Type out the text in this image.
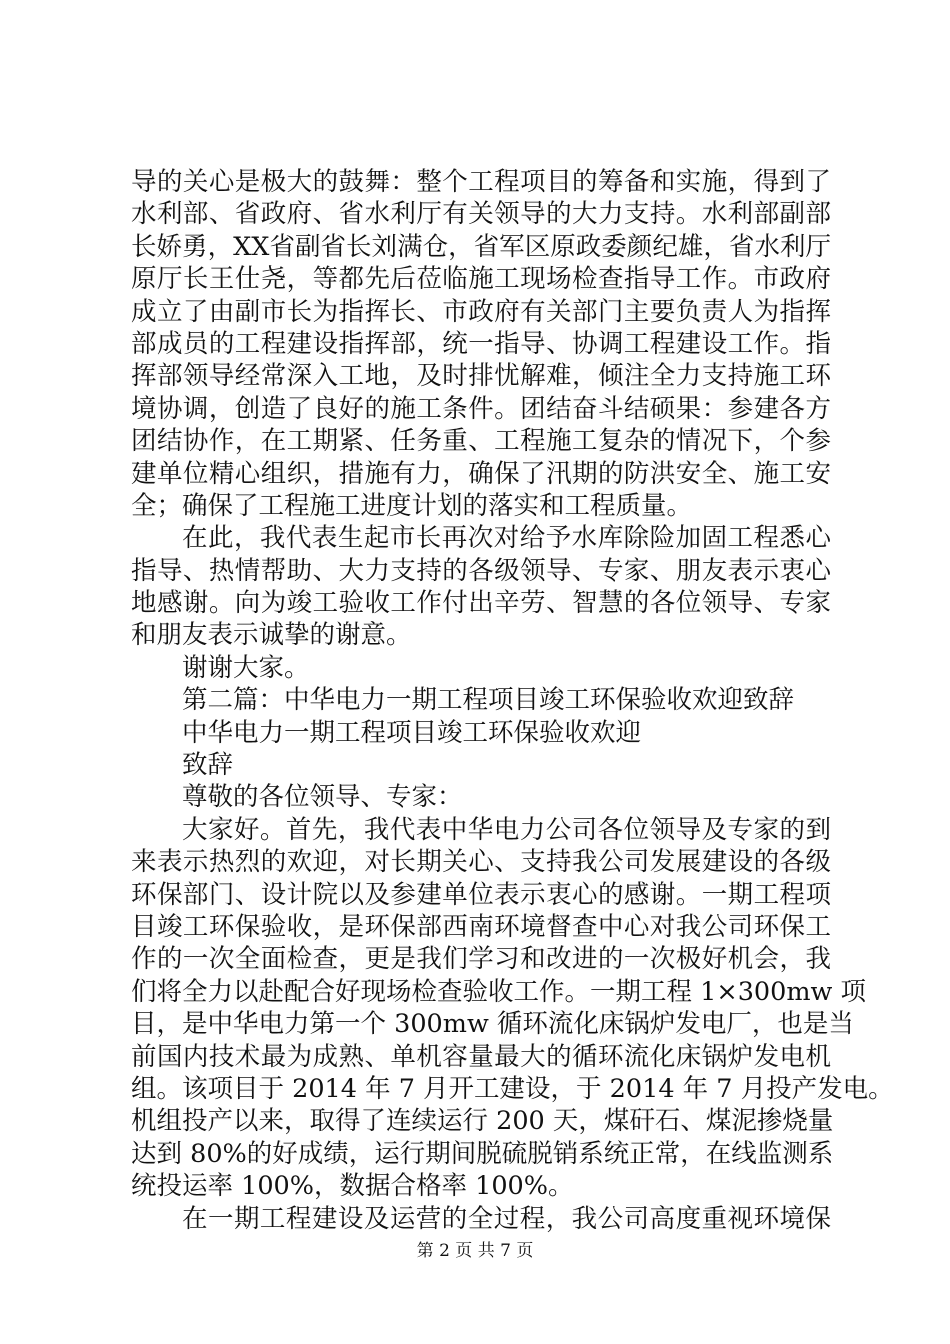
导的关心是极大的鼓舞：整个工程项目的筹备和实施，得到了
水利部、省政府、省水利厅有关领导的大力支持。水利部副部
长娇勇，XX省副省长刘满仓，省军区原政委颜纪雄，省水利厅
原厅长王仕尧，等都先后莅临施工现场检查指导工作。市政府
成立了由副市长为指挥长、市政府有关部门主要负责人为指挥
部成员的工程建设指挥部，统一指导、协调工程建设工作。指
挥部领导经常深入工地，及时排忧解难，倾注全力支持施工环
境协调，创造了良好的施工条件。团结奋斗结硕果：参建各方
团结协作，在工期紧、任务重、工程施工复杂的情况下，个参
建单位精心组织，措施有力，确保了汛期的防洪安全、施工安
全；确保了工程施工进度计划的落实和工程质量。
在此，我代表生起市长再次对给予水库除险加固工程悉心
指导、热情帮助、大力支持的各级领导、专家、朋友表示衷心
地感谢。向为竣工验收工作付出辛劳、智慧的各位领导、专家
和朋友表示诚挚的谢意。
谢谢大家。
第二篇：中华电力一期工程项目竣工环保验收欢迎致辞
中华电力一期工程项目竣工环保验收欢迎
致辞
尊敬的各位领导、专家：
大家好。首先，我代表中华电力公司各位领导及专家的到
来表示热烈的欢迎，对长期关心、支持我公司发展建设的各级
环保部门、设计院以及参建单位表示衷心的感谢。一期工程项
目竣工环保验收，是环保部西南环境督查中心对我公司环保工
作的一次全面检查，更是我们学习和改进的一次极好机会，我
们将全力以赴配合好现场检查验收工作。一期工程 1×300mw 项
目，是中华电力第一个 300mw 循环流化床锅炉发电厂，也是当
前国内技术最为成熟、单机容量最大的循环流化床锅炉发电机
组。该项目于 2014 年 7 月开工建设，于 2014 年 7 月投产发电。
机组投产以来，取得了连续运行 200 天，煤矸石、煤泥掺烧量
达到 80%的好成绩，运行期间脱硫脱销系统正常，在线监测系
统投运率 100%，数据合格率 100%。
在一期工程建设及运营的全过程，我公司高度重视环境保
第 2 页 共 7 页
